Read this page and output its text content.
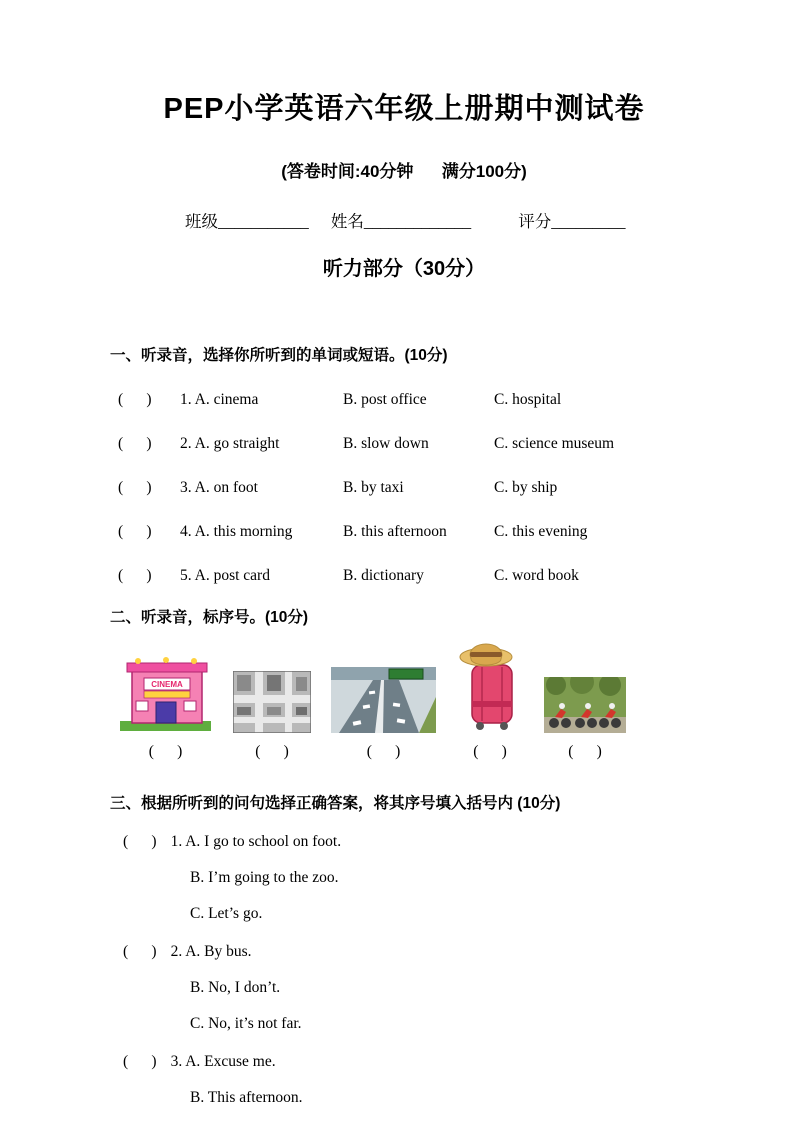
PEP小学英语六年级上册期中测试卷
(答卷时间:40分钟      满分100分)
班级___________ 姓名_____________	评分_________
听力部分（30分）
一、听录音，选择你所听到的单词或短语。(10分)
(      )	1. A. cinema	B. post office	C. hospital
(      )	2. A. go straight	B. slow down	C. science museum
(      )	3. A. on foot	B. by taxi	C. by ship
(      )	4. A. this morning	B. this afternoon	C. this evening
(      )	5. A. post card	B. dictionary	C. word book
二、听录音，标序号。(10分)
CINEMA
(      )	(      )	(      )	(      )	(      )
三、根据所听到的问句选择正确答案，将其序号填入括号内 (10分)
(      ) 1. A. I go to school on foot.
B. I’m going to the zoo.
C. Let’s go.
(      ) 2. A. By bus.
B. No, I don’t.
C. No, it’s not far.
(      ) 3. A. Excuse me.
B. This afternoon.
